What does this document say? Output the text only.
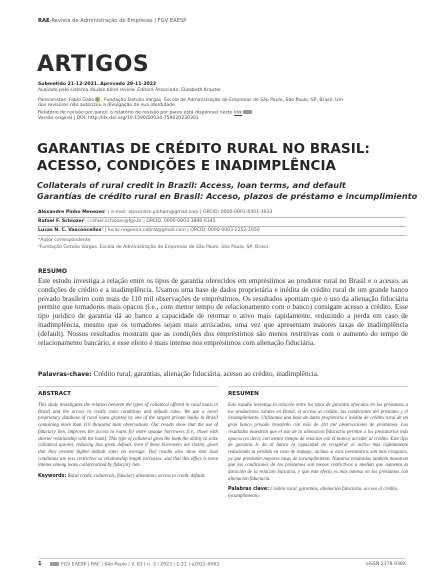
RAE-Revista de Administração de Empresas | FGV EAESP
ARTIGOS
Submetido 21-12-2021. Aprovado 29-11-2022
Avaliado pelo sistema double blind review. Editora Associada: Elizabeth Krauter
Pareceristas: Fabio Gallo , Fundação Getulio Vargas, Escola de Administração de Empresas de São Paulo, São Paulo, SP, Brasil. Um
dos revisores não autorizou a divulgação de sua identidade.
Relatório de revisão por pares: o relatório de revisão por pares está disponível neste link
Versão original | DOI: http://dx.doi.org/10.1590/S0034-759020230301
GARANTIAS DE CRÉDITO RURAL NO BRASIL: ACESSO, CONDIÇÕES E INADIMPLÊNCIA
Collaterals of rural credit in Brazil: Access, loan terms, and default
Garantías de crédito rural en Brasil: Acceso, plazos de préstamo e incumplimiento
Alexandre Pinho Menezes¹ | e-mail: alexandre.pinham@gmail.com | ORCID: 0000-0001-6401-3933
Rafael F. Schiozer¹ | rafael.schiozer@fgv.br | ORCID: 0000-0003-3890-6345
Lucas N. C. Vasconcellos¹ | lucas.nogueira.cabral@gmail.com | ORCID: 0000-0003-2252-1950
*Autor correspondente
¹Fundação Getulio Vargas, Escola de Administração de Empresas de São Paulo, São Paulo, SP, Brasil
RESUMO
Este estudo investiga a relação entre os tipos de garantia oferecidos em empréstimos ao produtor rural no Brasil e o acesso, as condições de crédito e a inadimplência. Usamos uma base de dados proprietária e inédita de crédito rural de um grande banco privado brasileiro com mais de 110 mil observações de empréstimos. Os resultados apontam que o uso da alienação fiduciária permite que tomadores mais opacos (i.e., com menor tempo de relacionamento com o banco) consigam acesso a crédito. Esse tipo jurídico de garantia dá ao banco a capacidade de retomar o ativo mais rapidamente, reduzindo a perda em caso de inadimplência, mesmo que os tomadores sejam mais arriscados, uma vez que apresentam maiores taxas de inadimplência (default). Nossos resultados mostram que as condições dos empréstimos são menos restritivas com o aumento do tempo de relacionamento bancário, e esse efeito é mais intenso nos empréstimos com alienação fiduciária.
Palavras-chave: Crédito rural, garantias, alienação fiduciária, acesso ao crédito, inadimplência.
ABSTRACT
This study investigates the relation between the types of collateral offered in rural loans in Brazil and the access to credit, loan conditions and default rates. We use a novel proprietary database of rural loans granted by one of the largest private banks in Brazil containing more than 110 thousand loan observations. Our results show that the use of fiduciary lien, improves the access to loans for more opaque borrowers (i.e., those with shorter relationship with the bank). This type of collateral gives the bank the ability to seize collateral quicker, reducing loss given default, even if these borrowers are riskier, given that they present higher default rates on average. Our results also show that loan conditions are less restrictive as relationship length increases, and that this effect is more intense among loans collateralized by fiduciary lien.
Keywords: Rural credit, collaterals, fiduciary alienation, access to credit, default.
RESUMEN
Este estudio investiga la relación entre los tipos de garantía ofrecidos en los préstamos a los productores rurales en Brasil, el acceso al crédito, las condiciones del préstamo y el incumplimiento. Utilizamos una base de datos propietaria e inédita de crédito rural de un gran banco privado brasileño con más de 110 mil observaciones de préstamos. Los resultados muestran que el uso de la alienación fiduciaria permite a los prestatarios más opacos (es decir, con menor tiempo de relación con el banco) acceder al crédito. Este tipo de garantía le da al banco la capacidad de recuperar el activo más rápidamente reduciendo la pérdida en caso de impago, incluso si esos prestatarios son más riesgosos, ya que presentan mayores tasas de incumplimiento. Nuestros resultados también muestran que las condiciones de los préstamos son menos restrictivas a medida que aumenta la duración de la relación bancaria, y que este efecto es más intenso en los préstamos con alienación fiduciaria.
Palabras clave: Crédito rural, garantías, alienación fiduciaria, acceso al crédito, incumplimiento.
1	FGV EAESP | RAE | São Paulo | V. 63 | n. 3 | 2023 | 1-21 | e2022-0063	eISSN 2178-938X
